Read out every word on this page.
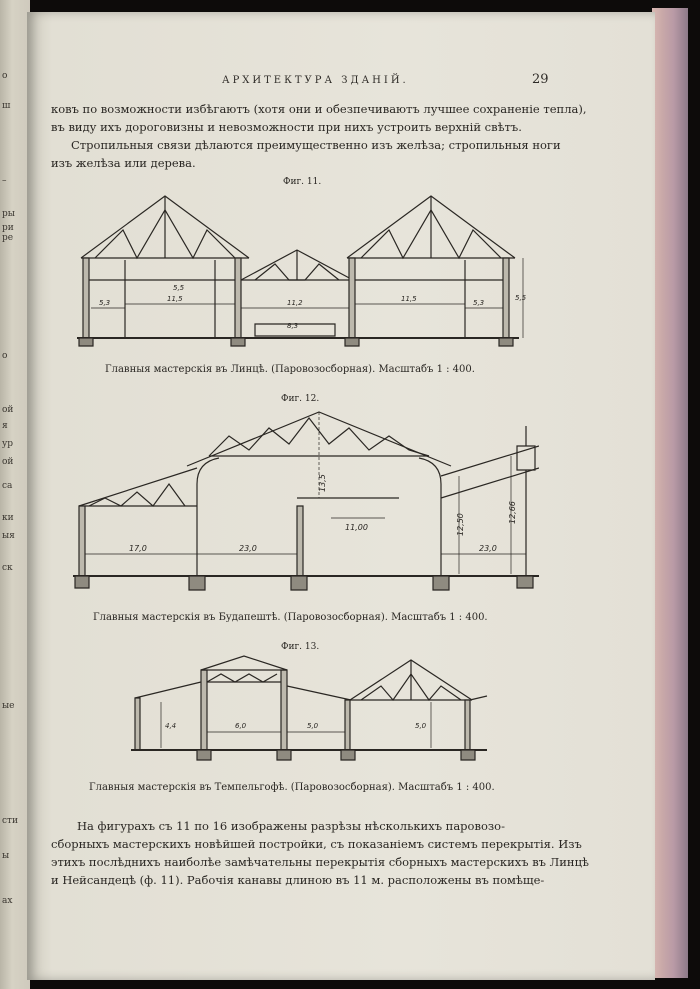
о
ш
–
ры
ри
ре
о
ой
я
ур
ой
са
ки
ыя
ск
ые
сти
ы
ах
АРХИТЕКТУРА ЗДАНІЙ.	29
ковъ по возможности избѣгаютъ (хотя они и обезпечиваютъ лучшее сохраненіе тепла),
въ виду ихъ дороговизны и невозможности при нихъ устроить верхній свѣтъ.
Стропильныя связи дѣлаются преимущественно изъ желѣза; стропильныя ноги
изъ желѣза или дерева.
Фиг. 11.
5,3	11,5	11,2	11,5	5,3
8,3
5,5
5,5
Главныя мастерскія въ Линцѣ. (Паровозосборная). Масштабъ 1 : 400.
Фиг. 12.
17,0	23,0
11,00
23,0
12,50
12,66
13,5
Главныя мастерскія въ Будапештѣ. (Паровозосборная). Масштабъ 1 : 400.
Фиг. 13.
4,4	6,0	5,0	5,0
Главныя мастерскія въ Темпельгофѣ. (Паровозосборная). Масштабъ 1 : 400.
На фигурахъ съ 11 по 16 изображены разрѣзы нѣсколькихъ паровозо-
сборныхъ мастерскихъ новѣйшей постройки, съ показаніемъ системъ перекрытія. Изъ
этихъ послѣднихъ наиболѣе замѣчательны перекрытія сборныхъ мастерскихъ въ Линцѣ
и Нейсандецѣ (ф. 11). Рабочія канавы длиною въ 11 м. расположены въ помѣще-
